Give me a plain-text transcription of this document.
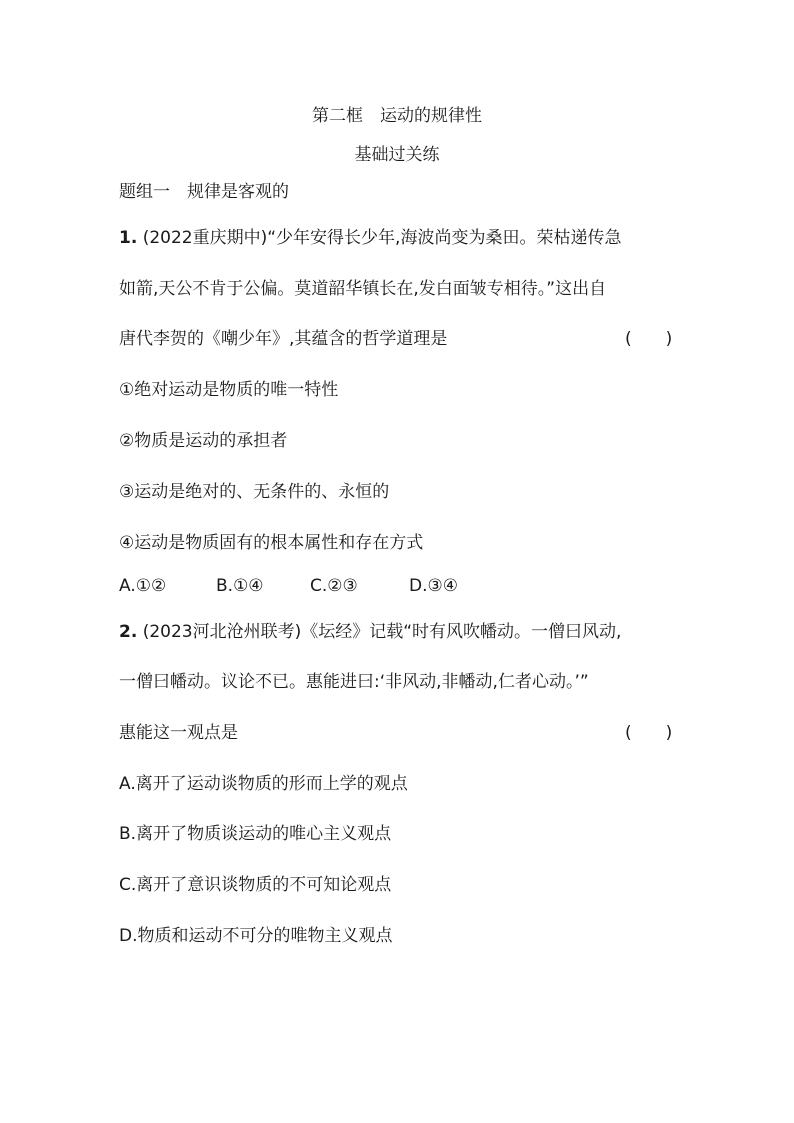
第二框　运动的规律性
基础过关练
题组一　规律是客观的
1. (2022重庆期中)“少年安得长少年,海波尚变为桑田。荣枯递传急
如箭,天公不肯于公偏。莫道韶华镇长在,发白面皱专相待。”这出自
唐代李贺的《嘲少年》,其蕴含的哲学道理是	(　　)
①绝对运动是物质的唯一特性
②物质是运动的承担者
③运动是绝对的、无条件的、永恒的
④运动是物质固有的根本属性和存在方式
A.①②	B.①④	C.②③	D.③④
2. (2023河北沧州联考)《坛经》记载“时有风吹幡动。一僧曰风动,
一僧曰幡动。议论不已。惠能进曰:‘非风动,非幡动,仁者心动。’”
惠能这一观点是	(　　)
A.离开了运动谈物质的形而上学的观点
B.离开了物质谈运动的唯心主义观点
C.离开了意识谈物质的不可知论观点
D.物质和运动不可分的唯物主义观点
